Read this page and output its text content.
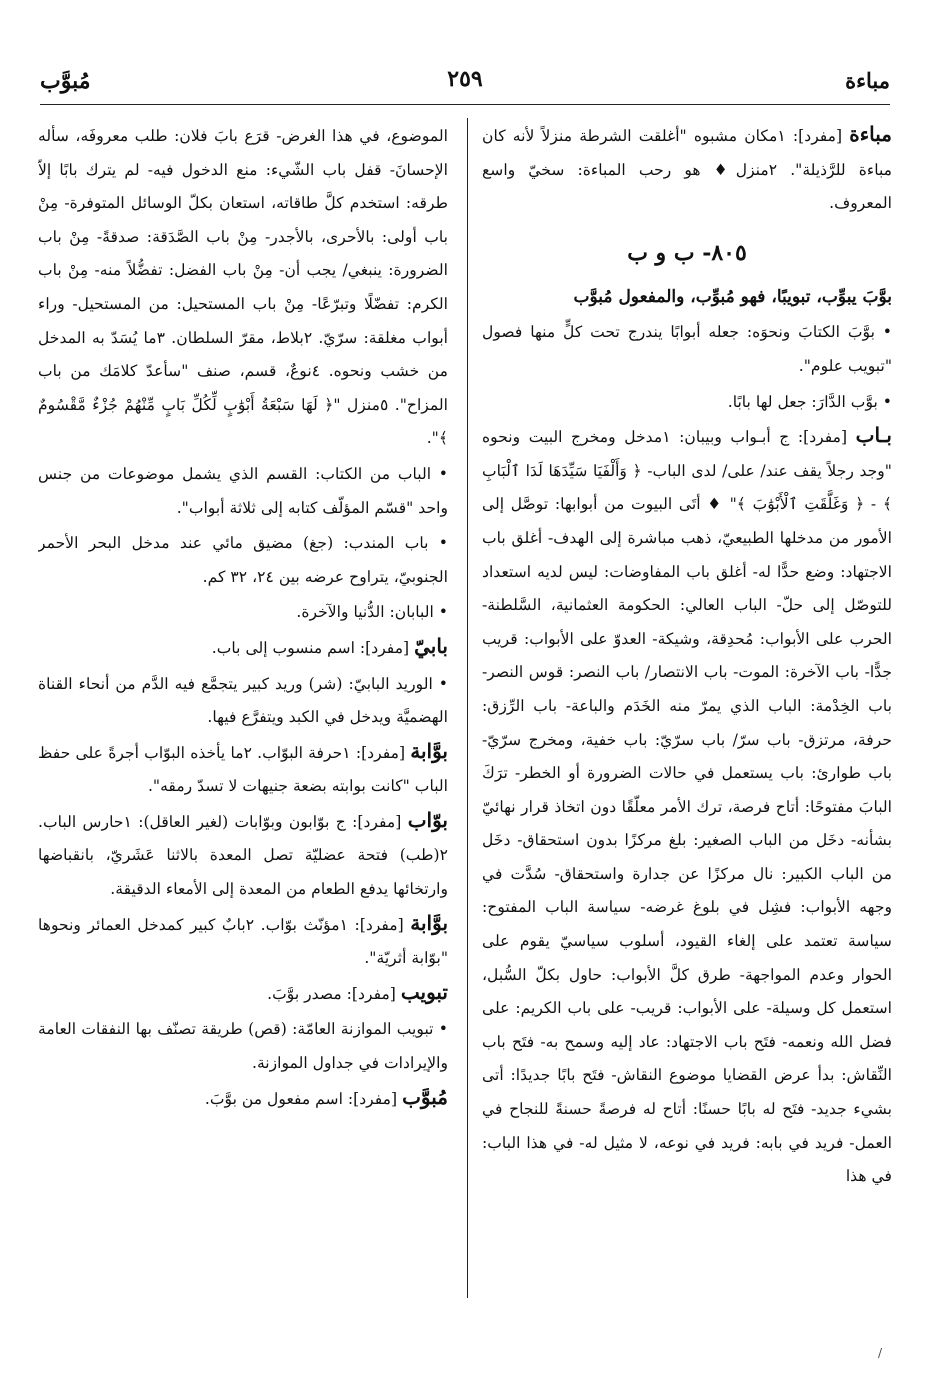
مباءة
٢٥٩
مُبوَّب

مباءة [مفرد]: ١مكان مشبوه "أغلقت الشرطة منزلاً لأنه كان مباءة للرَّذيلة". ٢منزل♦ هو رحب المباءة: سخيّ واسع المعروف.

٨٠٥- ب و ب

بوَّبَ يبوِّب، تبويبًا، فهو مُبوِّب، والمفعول مُبوَّب

• بوَّبَ الكتابَ ونحوَه: جعله أبوابًا يندرج تحت كلٍّ منها فصول "تبويب علوم".

• بوَّب الدَّارَ: جعل لها بابًا.

بـاب [مفرد]: ج أبـواب وبيبان: ١مدخل ومخرج البيت ونحوه "وجد رجلاً يقف عند/ على/ لدى الباب- ﴿ وَأَلْفَيَا سَيِّدَهَا لَدَا ٱلْبَابِ ﴾ - ﴿ وَغَلَّقَتِ ٱلْأَبْوَٰبَ ﴾" ♦ أتَى البيوت من أبوابها: توصَّل إلى الأمور من مدخلها الطبيعيّ، ذهب مباشرة إلى الهدف- أغلق باب الاجتهاد: وضع حدًّا له- أغلق باب المفاوضات: ليس لديه استعداد للتوصّل إلى حلّ- الباب العالي: الحكومة العثمانية، السَّلطنة- الحرب على الأبواب: مُحدِقة، وشيكة- العدوّ على الأبواب: قريب جدًّا- باب الآخرة: الموت- باب الانتصار/ باب النصر: قوس النصر- باب الخِدْمة: الباب الذي يمرّ منه الخَدَم والباعة- باب الرِّزق: حرفة، مرتزق- باب سرّ/ باب سرّيّ: باب خفية، ومخرج سرّيّ- باب طوارئ: باب يستعمل في حالات الضرورة أو الخطر- ترَكَ البابَ مفتوحًا: أتاح فرصة، ترك الأمر معلّقًا دون اتخاذ قرار نهائيّ بشأنه- دخَل من الباب الصغير: بلغ مركزًا بدون استحقاق- دخَل من الباب الكبير: نال مركزًا عن جدارة واستحقاق- سُدَّت في وجهه الأبواب: فشِل في بلوغ غرضه- سياسة الباب المفتوح: سياسة تعتمد على إلغاء القيود، أسلوب سياسيّ يقوم على الحوار وعدم المواجهة- طرق كلَّ الأبواب: حاول بكلّ السُّبل، استعمل كل وسيلة- على الأبواب: قريب- على باب الكريم: على فضل الله ونعمه- فتَح باب الاجتهاد: عاد إليه وسمح به- فتَح باب النِّقاش: بدأ عرض القضايا موضوع النقاش- فتَح بابًا جديدًا: أتى بشيء جديد- فتَح له بابًا حسنًا: أتاح له فرصةً حسنةً للنجاح في العمل- فريد في بابه: فريد في نوعه، لا مثيل له- في هذا الباب: في هذا

الموضوع، في هذا الغرض- قرَع بابَ فلان: طلب معروفَه، سأله الإحسانَ- قفل باب الشّيء: منع الدخول فيه- لم يترك بابًا إلاّ طرقه: استخدم كلَّ طاقاته، استعان بكلّ الوسائل المتوفرة- مِنْ باب أولى: بالأحرى، بالأجدر- مِنْ باب الصَّدَقة: صدقةً- مِنْ باب الضرورة: ينبغي/ يجب أن- مِنْ باب الفضل: تفضُّلاً منه- مِنْ باب الكرم: تفضّلًا وتبرّعًا- مِنْ باب المستحيل: من المستحيل- وراء أبواب مغلقة: سرّيّ. ٢بلاط، مقرّ السلطان. ٣ما يُسَدّ به المدخل من خشب ونحوه. ٤نوعٌ، قسم، صنف "سأعدّ كلامَك من باب المزاح". ٥منزل "﴿ لَهَا سَبْعَةُ أَبْوَٰبٍ لِّكُلِّ بَابٍ مِّنْهُمْ جُزْءٌ مَّقْسُومٌ ﴾".

• الباب من الكتاب: القسم الذي يشمل موضوعات من جنس واحد "قسّم المؤلّف كتابه إلى ثلاثة أبواب".

• باب المندب: (جغ) مضيق مائي عند مدخل البحر الأحمر الجنوبيّ، يتراوح عرضه بين ٢٤، ٣٢ كم.

• البابان: الدُّنيا والآخرة.

بابيّ [مفرد]: اسم منسوب إلى باب.

• الوريد البابيّ: (شر) وريد كبير يتجمَّع فيه الدَّم من أنحاء القناة الهضميَّة ويدخل في الكبد ويتفرَّع فيها.

بوَّابة [مفرد]: ١حرفة البوّاب. ٢ما يأخذه البوّاب أجرةً على حفظ الباب "كانت بوابته بضعة جنيهات لا تسدّ رمقه".

بوّاب [مفرد]: ج بوّابون وبوّابات (لغير العاقل): ١حارس الباب. ٢(طب) فتحة عضليّة تصل المعدة بالاثنا عَشَريّ، بانقباضها وارتخائها يدفع الطعام من المعدة إلى الأمعاء الدقيقة.

بوَّابة [مفرد]: ١مؤنّث بوّاب. ٢بابٌ كبير كمدخل العمائر ونحوها "بوّابة أثريّة".

تبويب [مفرد]: مصدر بوَّبَ.

• تبويب الموازنة العامّة: (قص) طريقة تصنّف بها النفقات العامة والإيرادات في جداول الموازنة.

مُبوَّب [مفرد]: اسم مفعول من بوَّبَ.

/
